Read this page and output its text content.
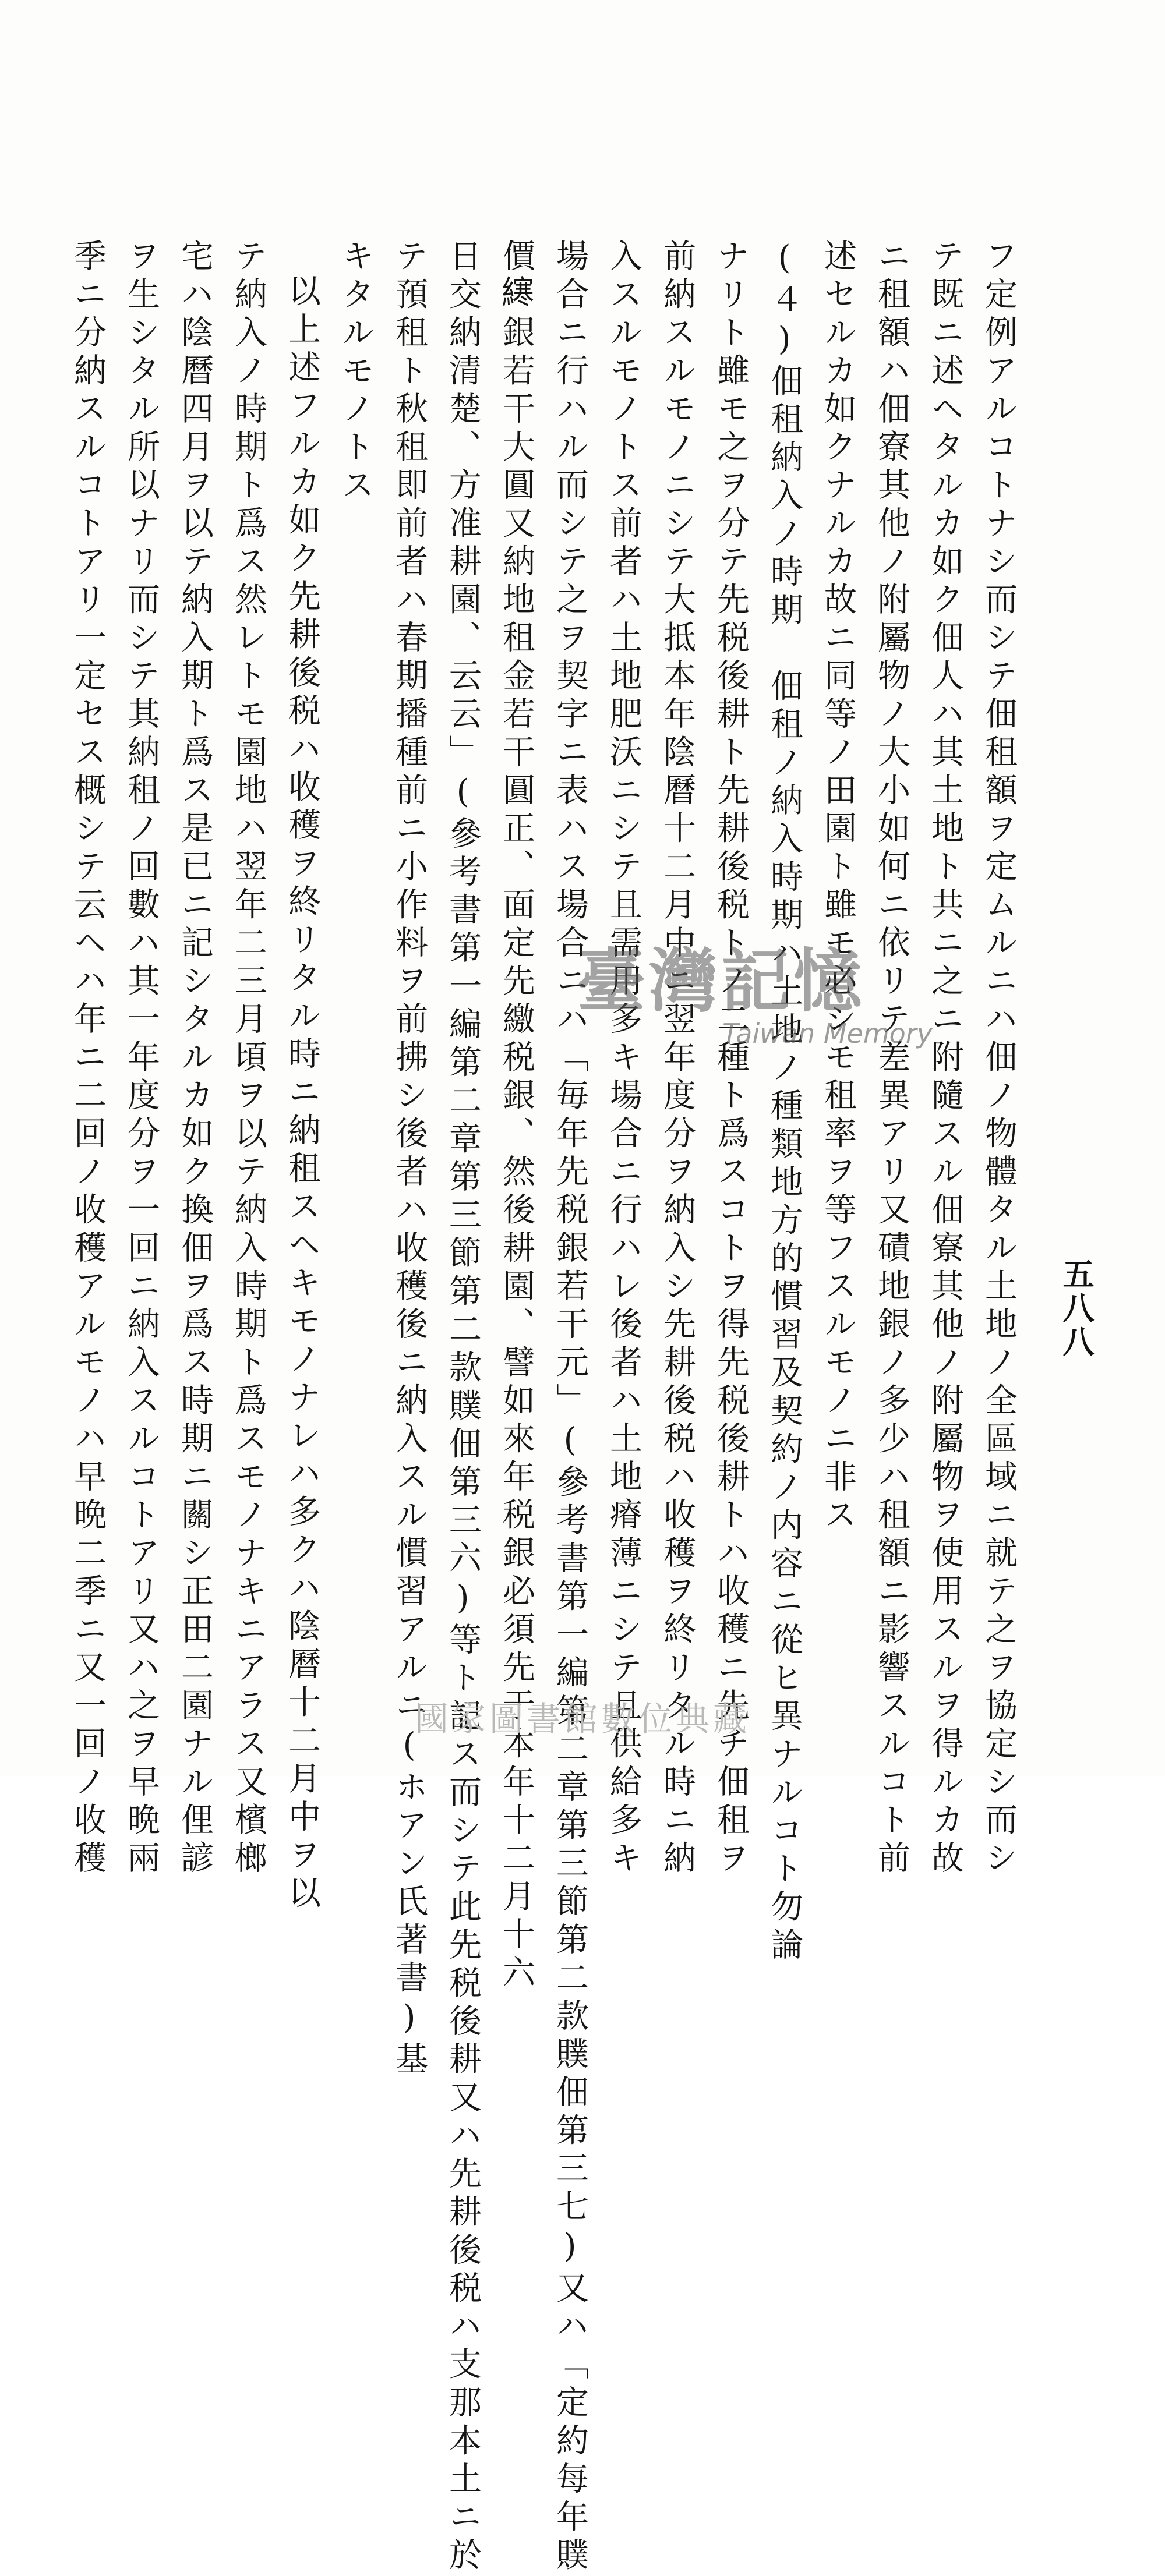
五八八
フ定例アルコトナシ而シテ佃租額ヲ定ムルニハ佃ノ物體タル土地ノ全區域ニ就テ之ヲ協定シ而シ
テ既ニ述ヘタルカ如ク佃人ハ其土地ト共ニ之ニ附隨スル佃寮其他ノ附屬物ヲ使用スルヲ得ルカ故
ニ租額ハ佃寮其他ノ附屬物ノ大小如何ニ依リテ差異アリ又磧地銀ノ多少ハ租額ニ影響スルコト前
述セルカ如クナルカ故ニ同等ノ田園ト雖モ必シモ租率ヲ等フスルモノニ非ス
(４)佃租納入ノ時期　佃租ノ納入時期ハ土地ノ種類地方的慣習及契約ノ内容ニ從ヒ異ナルコト勿論
ナリト雖モ之ヲ分テ先税後耕ト先耕後税トノ二種ト爲スコトヲ得先税後耕トハ收穫ニ先チ佃租ヲ
前納スルモノニシテ大抵本年陰曆十二月中ニ翌年度分ヲ納入シ先耕後税ハ收穫ヲ終リタル時ニ納
入スルモノトス前者ハ土地肥沃ニシテ且需用多キ場合ニ行ハレ後者ハ土地瘠薄ニシテ且供給多キ
場合ニ行ハル而シテ之ヲ契字ニ表ハス場合ニハ「毎年先税銀若干元」(參考書第一編第二章第三節第二款贌佃第三七)又ハ「定約每年贌
價𫟂銀若干大圓又納地租金若干圓正、面定先繳税銀、然後耕園、譬如來年税銀必須先于本年十二月十六
日交納清楚、方准耕園、云云」(參考書第一編第二章第三節第二款贌佃第三六)等ト記ス而シテ此先税後耕又ハ先耕後税ハ支那本土ニ於
テ預租ト秋租即前者ハ春期播種前ニ小作料ヲ前拂シ後者ハ收穫後ニ納入スル慣習アルニ(ホアン氏著書)基
キタルモノトス
以上述フルカ如ク先耕後税ハ收穫ヲ終リタル時ニ納租スヘキモノナレハ多クハ陰曆十二月中ヲ以
テ納入ノ時期ト爲ス然レトモ園地ハ翌年二三月頃ヲ以テ納入時期ト爲スモノナキニアラス又檳榔
宅ハ陰曆四月ヲ以テ納入期ト爲ス是已ニ記シタルカ如ク換佃ヲ爲ス時期ニ關シ正田二園ナル俚諺
ヲ生シタル所以ナリ而シテ其納租ノ回數ハ其一年度分ヲ一回ニ納入スルコトアリ又ハ之ヲ早晩兩
季ニ分納スルコトアリ一定セス概シテ云ヘハ年ニ二回ノ收穫アルモノハ早晩二季ニ又一回ノ收穫	臺灣記憶
Taiwan Memory
國家圖書館數位典藏
